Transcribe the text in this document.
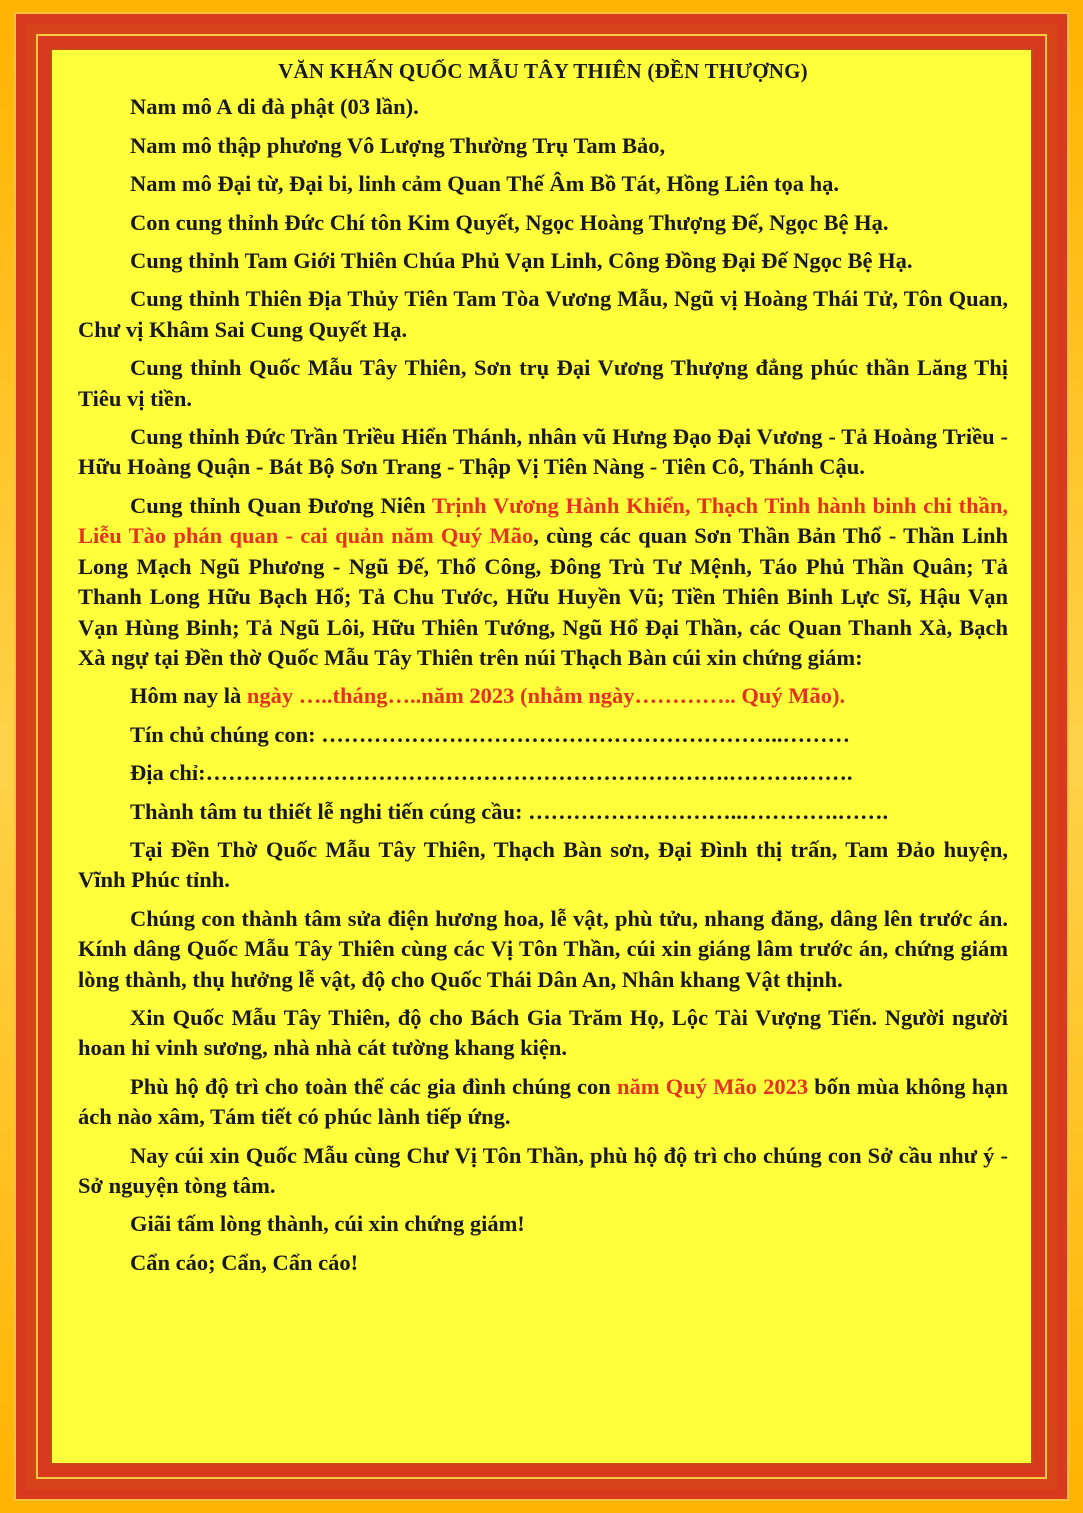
VĂN KHẤN QUỐC MẪU TÂY THIÊN (ĐỀN THƯỢNG)

Nam mô A di đà phật (03 lần).

Nam mô thập phương Vô Lượng Thường Trụ Tam Bảo,

Nam mô Đại từ, Đại bi, linh cảm Quan Thế Âm Bồ Tát, Hồng Liên tọa hạ.

Con cung thỉnh Đức Chí tôn Kim Quyết, Ngọc Hoàng Thượng Đế, Ngọc Bệ Hạ.

Cung thỉnh Tam Giới Thiên Chúa Phủ Vạn Linh, Công Đồng Đại Đế Ngọc Bệ Hạ.

Cung thỉnh Thiên Địa Thủy Tiên Tam Tòa Vương Mẫu, Ngũ vị Hoàng Thái Tử, Tôn Quan, Chư vị Khâm Sai Cung Quyết Hạ.

Cung thỉnh Quốc Mẫu Tây Thiên, Sơn trụ Đại Vương Thượng đẳng phúc thần Lăng Thị Tiêu vị tiền.

Cung thỉnh Đức Trần Triều Hiển Thánh, nhân vũ Hưng Đạo Đại Vương - Tả Hoàng Triều - Hữu Hoàng Quận - Bát Bộ Sơn Trang - Thập Vị Tiên Nàng - Tiên Cô, Thánh Cậu.

Cung thỉnh Quan Đương Niên Trịnh Vương Hành Khiển, Thạch Tinh hành binh chi thần, Liễu Tào phán quan - cai quản năm Quý Mão, cùng các quan Sơn Thần Bản Thổ - Thần Linh Long Mạch Ngũ Phương - Ngũ Đế, Thổ Công, Đông Trù Tư Mệnh, Táo Phủ Thần Quân; Tả Thanh Long Hữu Bạch Hổ; Tả Chu Tước, Hữu Huyền Vũ; Tiền Thiên Binh Lực Sĩ, Hậu Vạn Vạn Hùng Binh; Tả Ngũ Lôi, Hữu Thiên Tướng, Ngũ Hổ Đại Thần, các Quan Thanh Xà, Bạch Xà ngự tại Đền thờ Quốc Mẫu Tây Thiên trên núi Thạch Bàn cúi xin chứng giám:

Hôm nay là ngày …..tháng…..năm 2023 (nhằm ngày………….. Quý Mão).

Tín chủ chúng con: ……………………………………………………..………

Địa chỉ:…………………………………………………………….……….…….

Thành tâm tu thiết lễ nghi tiến cúng cầu: ………………………..………….…….

Tại Đền Thờ Quốc Mẫu Tây Thiên, Thạch Bàn sơn, Đại Đình thị trấn, Tam Đảo huyện, Vĩnh Phúc tỉnh.

Chúng con thành tâm sửa điện hương hoa, lễ vật, phù tửu, nhang đăng, dâng lên trước án. Kính dâng Quốc Mẫu Tây Thiên cùng các Vị Tôn Thần, cúi xin giáng lâm trước án, chứng giám lòng thành, thụ hưởng lễ vật, độ cho Quốc Thái Dân An, Nhân khang Vật thịnh.

Xin Quốc Mẫu Tây Thiên, độ cho Bách Gia Trăm Họ, Lộc Tài Vượng Tiến. Người người hoan hỉ vinh sương, nhà nhà cát tường khang kiện.

Phù hộ độ trì cho toàn thể các gia đình chúng con năm Quý Mão 2023 bốn mùa không hạn ách nào xâm, Tám tiết có phúc lành tiếp ứng.

Nay cúi xin Quốc Mẫu cùng Chư Vị Tôn Thần, phù hộ độ trì cho chúng con Sở cầu như ý - Sở nguyện tòng tâm.

Giãi tấm lòng thành, cúi xin chứng giám!

Cẩn cáo; Cẩn, Cẩn cáo!
